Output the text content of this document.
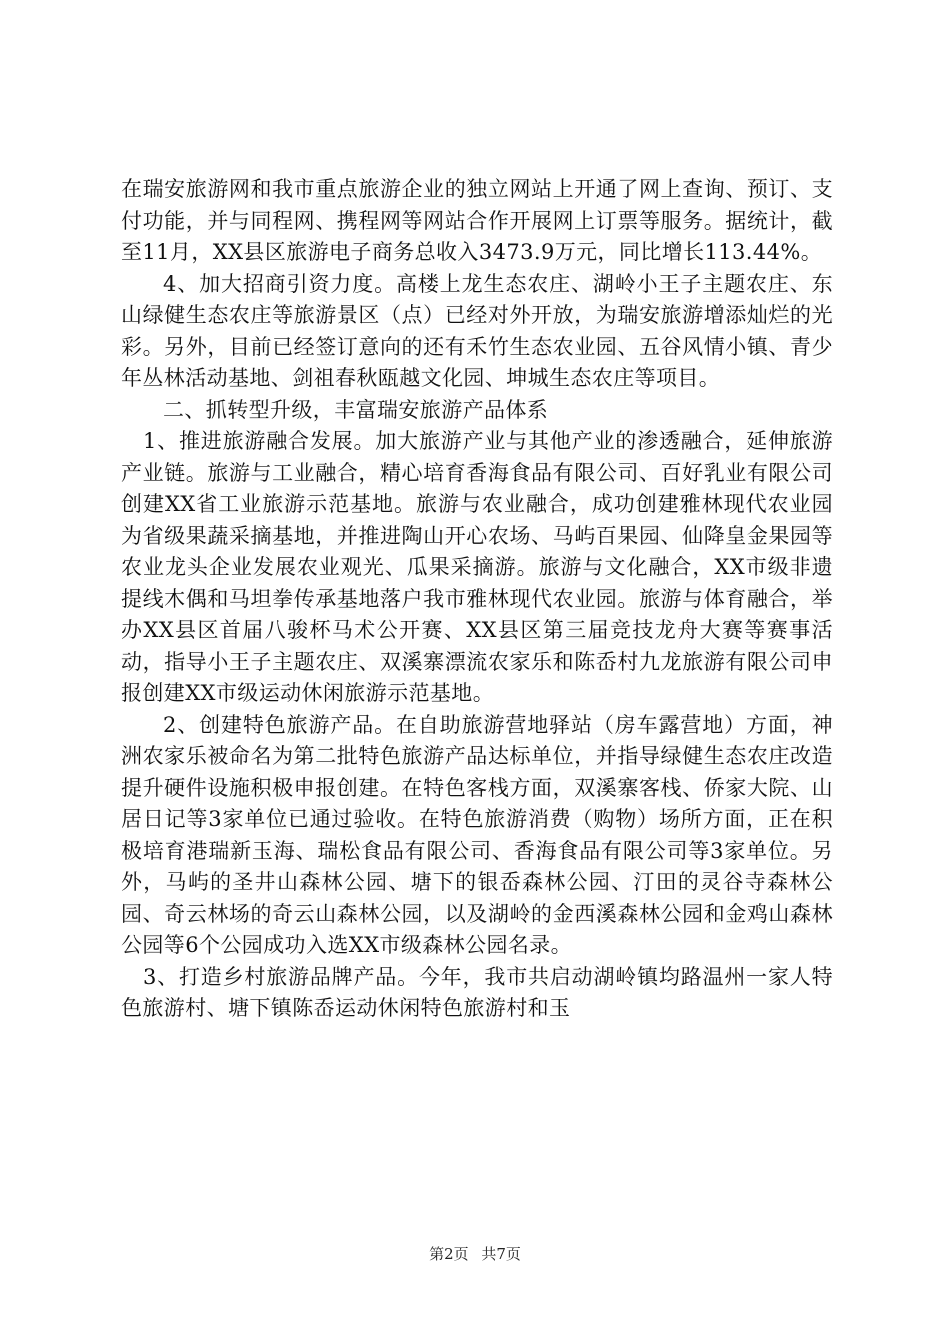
在瑞安旅游网和我市重点旅游企业的独立网站上开通了网上查询、预订、支付功能，并与同程网、携程网等网站合作开展网上订票等服务。据统计，截至11月，XX县区旅游电子商务总收入3473.9万元，同比增长113.44%。

4、加大招商引资力度。高楼上龙生态农庄、湖岭小王子主题农庄、东山绿健生态农庄等旅游景区（点）已经对外开放，为瑞安旅游增添灿烂的光彩。另外，目前已经签订意向的还有禾竹生态农业园、五谷风情小镇、青少年丛林活动基地、剑祖春秋瓯越文化园、坤城生态农庄等项目。

二、抓转型升级，丰富瑞安旅游产品体系

1、推进旅游融合发展。加大旅游产业与其他产业的渗透融合，延伸旅游产业链。旅游与工业融合，精心培育香海食品有限公司、百好乳业有限公司创建XX省工业旅游示范基地。旅游与农业融合，成功创建雅林现代农业园为省级果蔬采摘基地，并推进陶山开心农场、马屿百果园、仙降皇金果园等农业龙头企业发展农业观光、瓜果采摘游。旅游与文化融合，XX市级非遗提线木偶和马坦拳传承基地落户我市雅林现代农业园。旅游与体育融合，举办XX县区首届八骏杯马术公开赛、XX县区第三届竞技龙舟大赛等赛事活动，指导小王子主题农庄、双溪寨漂流农家乐和陈岙村九龙旅游有限公司申报创建XX市级运动休闲旅游示范基地。

2、创建特色旅游产品。在自助旅游营地驿站（房车露营地）方面，神洲农家乐被命名为第二批特色旅游产品达标单位，并指导绿健生态农庄改造提升硬件设施积极申报创建。在特色客栈方面，双溪寨客栈、侨家大院、山居日记等3家单位已通过验收。在特色旅游消费（购物）场所方面，正在积极培育港瑞新玉海、瑞松食品有限公司、香海食品有限公司等3家单位。另外，马屿的圣井山森林公园、塘下的银岙森林公园、汀田的灵谷寺森林公园、奇云林场的奇云山森林公园，以及湖岭的金西溪森林公园和金鸡山森林公园等6个公园成功入选XX市级森林公园名录。

3、打造乡村旅游品牌产品。今年，我市共启动湖岭镇均路温州一家人特色旅游村、塘下镇陈岙运动休闲特色旅游村和玉

第2页 共7页
